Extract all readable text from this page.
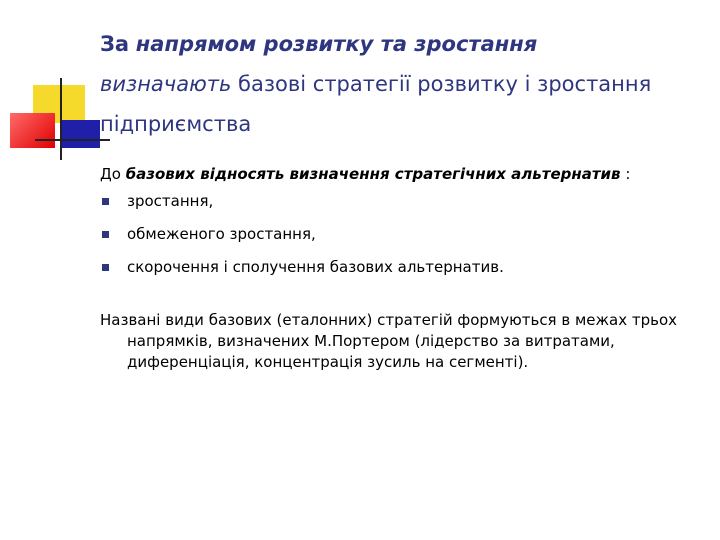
За напрямом розвитку та зростання
визначають базові стратегії розвитку і зростання підприємства

До базових відносять визначення стратегічних альтернатив :

зростання,
обмеженого зростання,
скорочення і сполучення базових альтернатив.

Названі види базових (еталонних) стратегій формуються в межах трьох напрямків, визначених М.Портером (лідерство за витратами, диференціація, концентрація зусиль на сегменті).
